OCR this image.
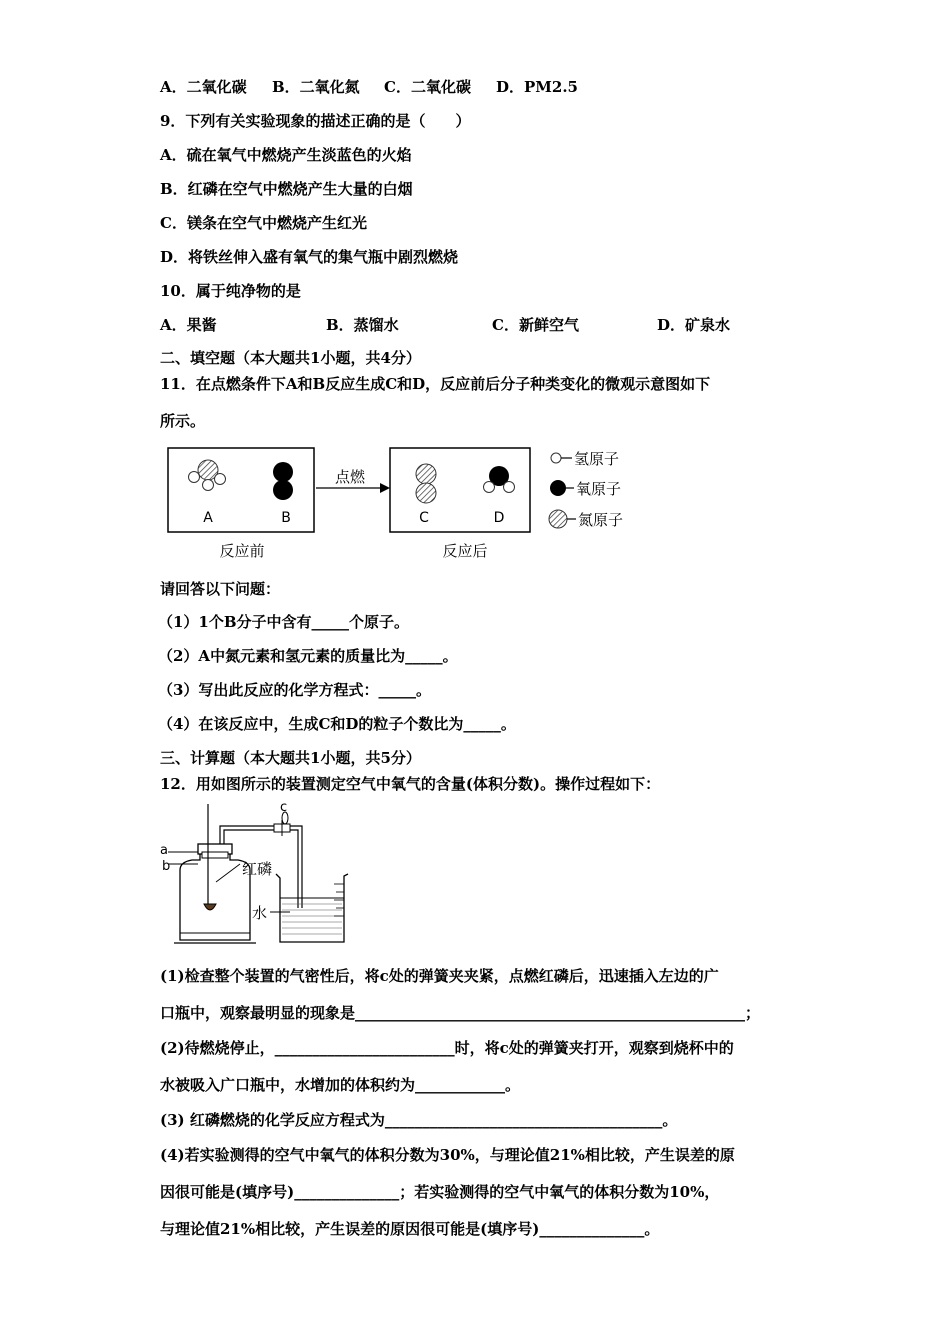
A．二氧化碳 B．二氧化氮 C．二氧化碳 D．PM2.5
9．下列有关实验现象的描述正确的是（　　）
A．硫在氧气中燃烧产生淡蓝色的火焰
B．红磷在空气中燃烧产生大量的白烟
C．镁条在空气中燃烧产生红光
D．将铁丝伸入盛有氧气的集气瓶中剧烈燃烧
10．属于纯净物的是
A．果酱	B．蒸馏水	C．新鲜空气	D．矿泉水
二、填空题（本大题共1小题，共4分）
11．在点燃条件下A和B反应生成C和D，反应前后分子种类变化的微观示意图如下
所示。
A	B
点燃
C	D
反应前	反应后
氢原子
氧原子
氮原子
请回答以下问题：
（1）1个B分子中含有_____个原子。
（2）A中氮元素和氢元素的质量比为_____。
（3）写出此反应的化学方程式：_____。
（4）在该反应中，生成C和D的粒子个数比为_____。
三、计算题（本大题共1小题，共5分）
12．用如图所示的装置测定空气中氧气的含量(体积分数)。操作过程如下：
a
b	红磷
c
水
(1)检查整个装置的气密性后，将c处的弹簧夹夹紧，点燃红磷后，迅速插入左边的广
口瓶中，观察最明显的现象是____________________________________________________；
(2)待燃烧停止，________________________时，将c处的弹簧夹打开，观察到烧杯中的
水被吸入广口瓶中，水增加的体积约为____________。
(3) 红磷燃烧的化学反应方程式为_____________________________________。
(4)若实验测得的空气中氧气的体积分数为30%，与理论值21%相比较，产生误差的原
因很可能是(填序号)______________；若实验测得的空气中氧气的体积分数为10%，
与理论值21%相比较，产生误差的原因很可能是(填序号)______________。
